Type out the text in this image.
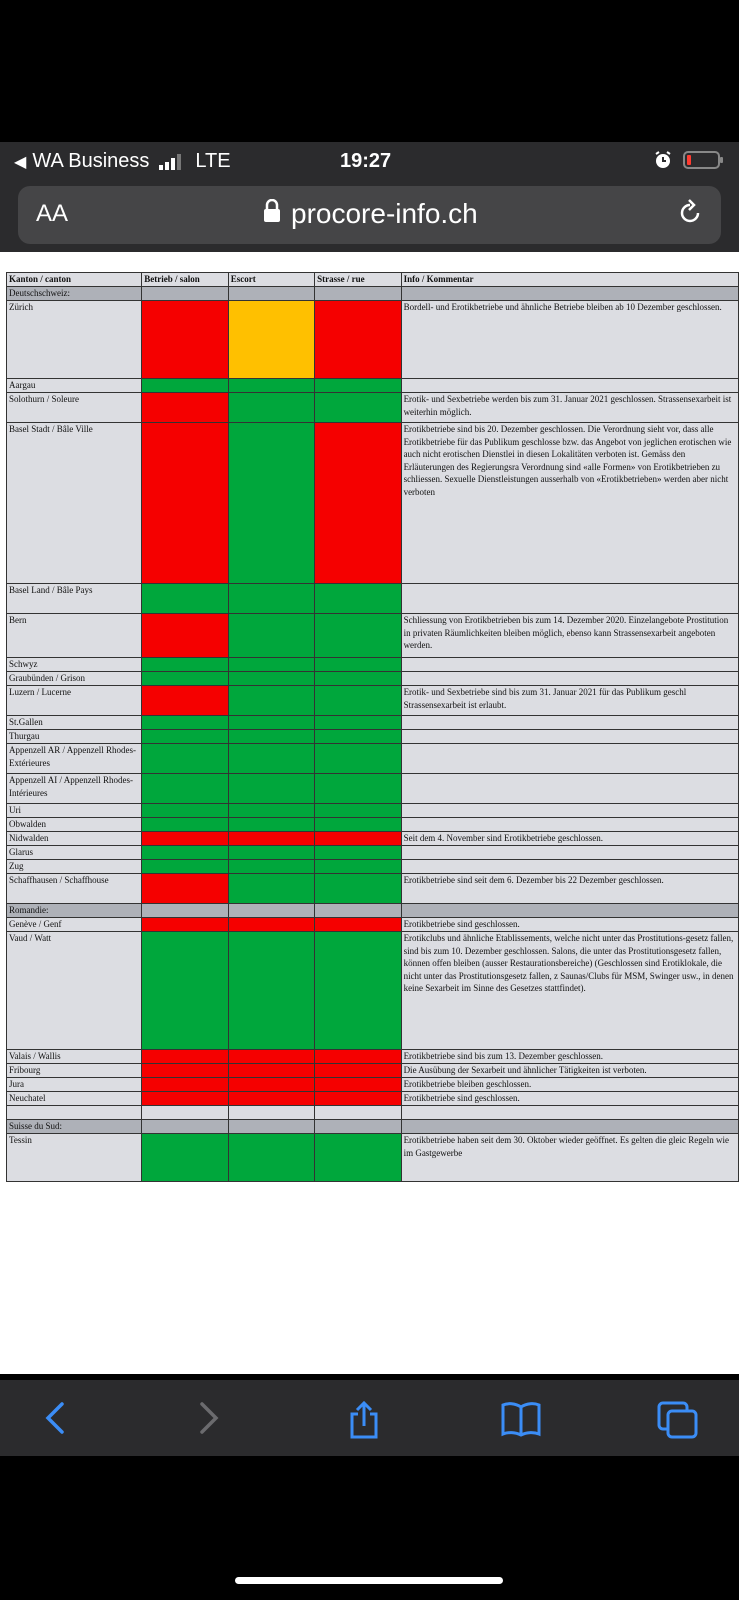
◀ WA Business LTE	19:27
AA	procore-info.ch
Kanton / canton	Betrieb / salon	Escort	Strasse / rue	Info / Kommentar
Deutschschweiz:				
Zürich				Bordell- und Erotikbetriebe und ähnliche Betriebe bleiben ab 10 Dezember geschlossen.
Aargau				
Solothurn / Soleure				Erotik- und Sexbetriebe werden bis zum 31. Januar 2021 geschlossen. Strassensexarbeit ist weiterhin möglich.
Basel Stadt / Bâle Ville				Erotikbetriebe sind bis 20. Dezember geschlossen. Die Verordnung sieht vor, dass alle Erotikbetriebe für das Publikum geschlosse bzw. das Angebot von jeglichen erotischen wie auch nicht erotischen Dienstlei in diesen Lokalitäten verboten ist. Gemäss den Erläuterungen des Regierungsra Verordnung sind «alle Formen» von Erotikbetrieben zu schliessen. Sexuelle Dienstleistungen ausserhalb von «Erotikbetrieben» werden aber nicht verboten
Basel Land / Bâle Pays				
Bern				Schliessung von Erotikbetrieben bis zum 14. Dezember 2020. Einzelangebote Prostitution in privaten Räumlichkeiten bleiben möglich, ebenso kann Strassensexarbeit angeboten werden.
Schwyz				
Graubünden / Grison				
Luzern / Lucerne				Erotik- und Sexbetriebe sind bis zum 31. Januar 2021 für das Publikum geschl Strassensexarbeit ist erlaubt.
St.Gallen				
Thurgau				
Appenzell AR / Appenzell Rhodes-Extérieures				
Appenzell AI / Appenzell Rhodes-Intérieures				
Uri				
Obwalden				
Nidwalden				Seit dem 4. November sind Erotikbetriebe geschlossen.
Glarus				
Zug				
Schaffhausen / Schaffhouse				Erotikbetriebe sind seit dem 6. Dezember bis 22 Dezember geschlossen.
Romandie:				
Genève / Genf				Erotikbetriebe sind geschlossen.
Vaud / Watt				Erotikclubs und ähnliche Etablissements, welche nicht unter das Prostitutions-gesetz fallen, sind bis zum 10. Dezember geschlossen. Salons, die unter das Prostitutionsgesetz fallen, können offen bleiben (ausser Restaurationsbereiche) (Geschlossen sind Erotiklokale, die nicht unter das Prostitutionsgesetz fallen, z Saunas/Clubs für MSM, Swinger usw., in denen keine Sexarbeit im Sinne des Gesetzes stattfindet).
Valais / Wallis				Erotikbetriebe sind bis zum 13. Dezember geschlossen.
Fribourg				Die Ausübung der Sexarbeit und ähnlicher Tätigkeiten ist verboten.
Jura				Erotikbetriebe bleiben geschlossen.
Neuchatel				Erotikbetriebe sind geschlossen.

Suisse du Sud:				
Tessin				Erotikbetriebe haben seit dem 30. Oktober wieder geöffnet. Es gelten die gleic Regeln wie im Gastgewerbe
